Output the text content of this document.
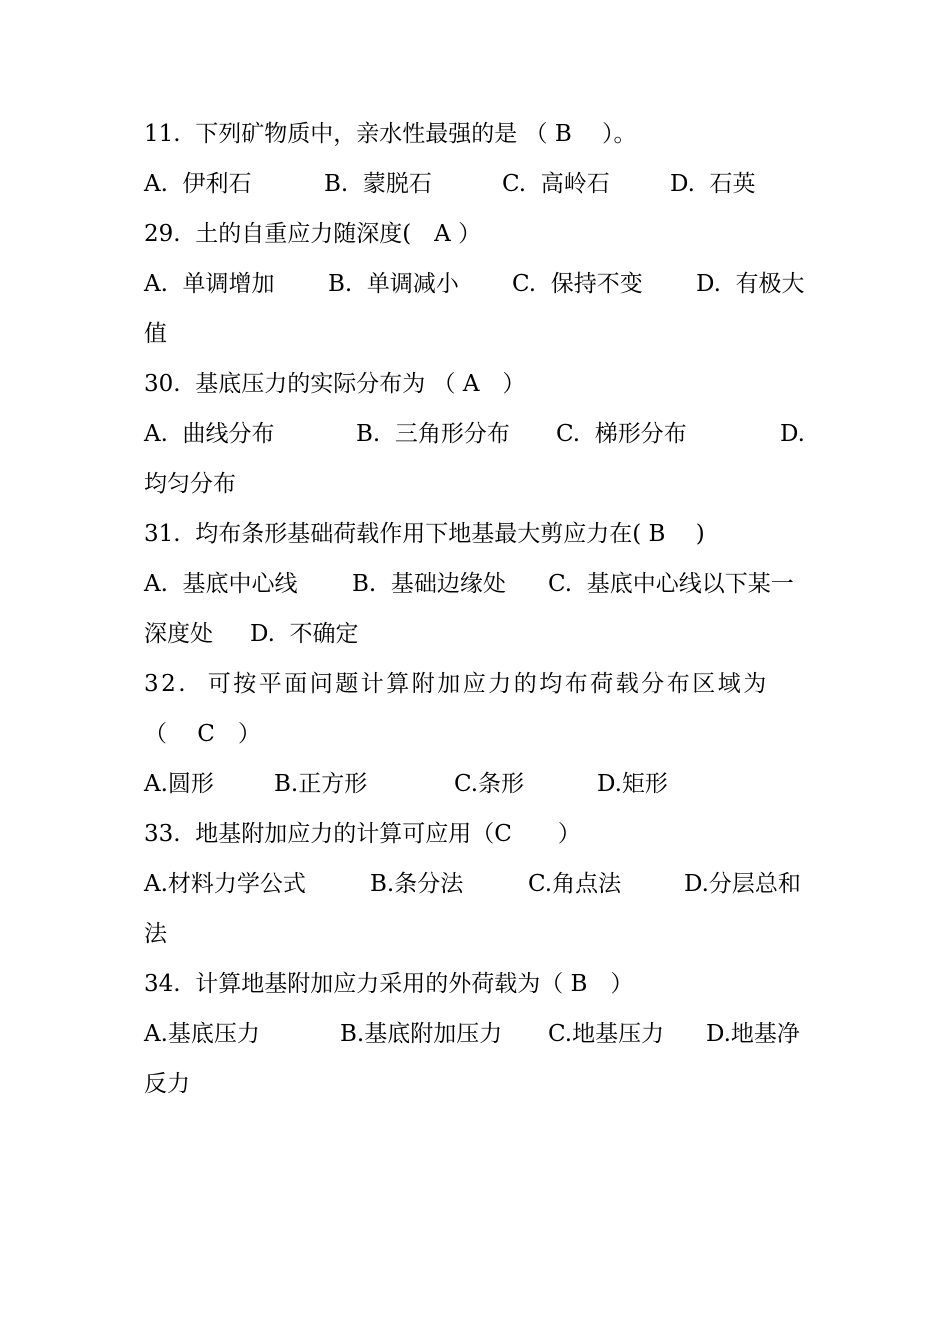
11.  下列矿物质中，亲水性最强的是 （ B　 ）。

A.  伊利石

	B.  蒙脱石

	C.  高岭石

	D.  石英

29.  土的自重应力随深度(　A ）

A.  单调增加

B.  单调减小

C.  保持不变

D.  有极大

值

30.  基底压力的实际分布为 （ A　）

A.  曲线分布

	B.  三角形分布

C.  梯形分布

	D.

均匀分布

31.  均布条形基础荷载作用下地基最大剪应力在( B　 )

A.  基底中心线

B.  基础边缘处

C.  基底中心线以下某一

深度处

D.  不确定

32.  可按平面问题计算附加应力的均布荷载分布区域为

（　 C　）

A.圆形

	B.正方形

	C.条形

	D.矩形

33.  地基附加应力的计算可应用（C　　）

A.材料力学公式

	B.条分法

	C.角点法

	D.分层总和

法

34.  计算地基附加应力采用的外荷载为（ B　）

A.基底压力

	B.基底附加压力

C.地基压力

D.地基净

反力
